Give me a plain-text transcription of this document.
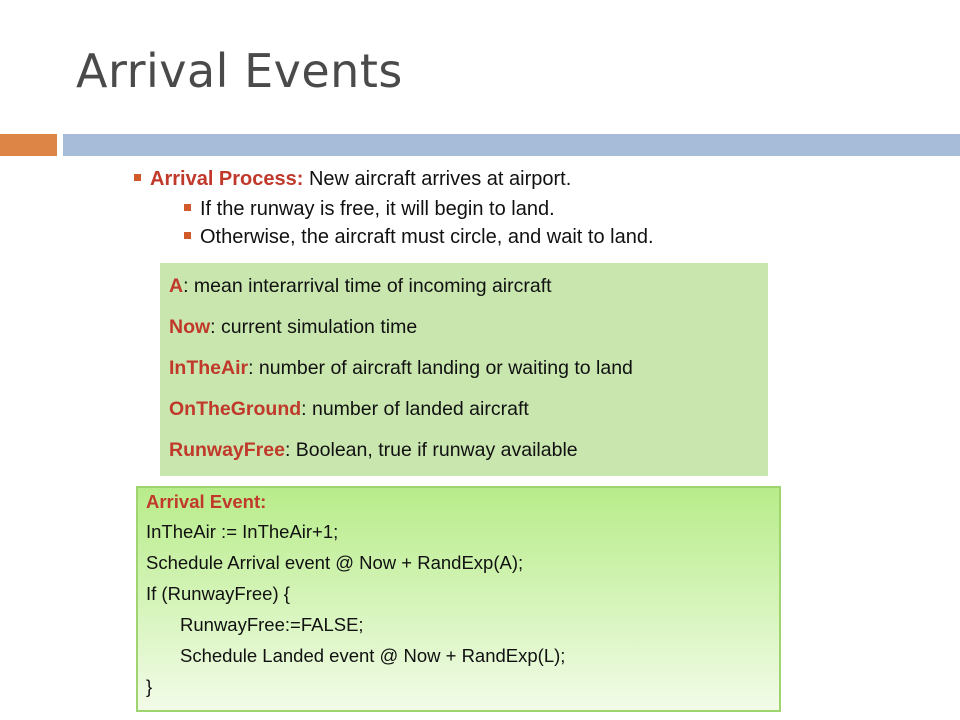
Arrival Events
Arrival Process: New aircraft arrives at airport.
If the runway is free, it will begin to land.
Otherwise, the aircraft must circle, and wait to land.
A: mean interarrival time of incoming aircraft
Now: current simulation time
InTheAir: number of aircraft landing or waiting to land
OnTheGround: number of landed aircraft
RunwayFree: Boolean, true if runway available
Arrival Event:
InTheAir := InTheAir+1;
Schedule Arrival event @ Now + RandExp(A);
If (RunwayFree) {
RunwayFree:=FALSE;
Schedule Landed event @ Now + RandExp(L);
}
